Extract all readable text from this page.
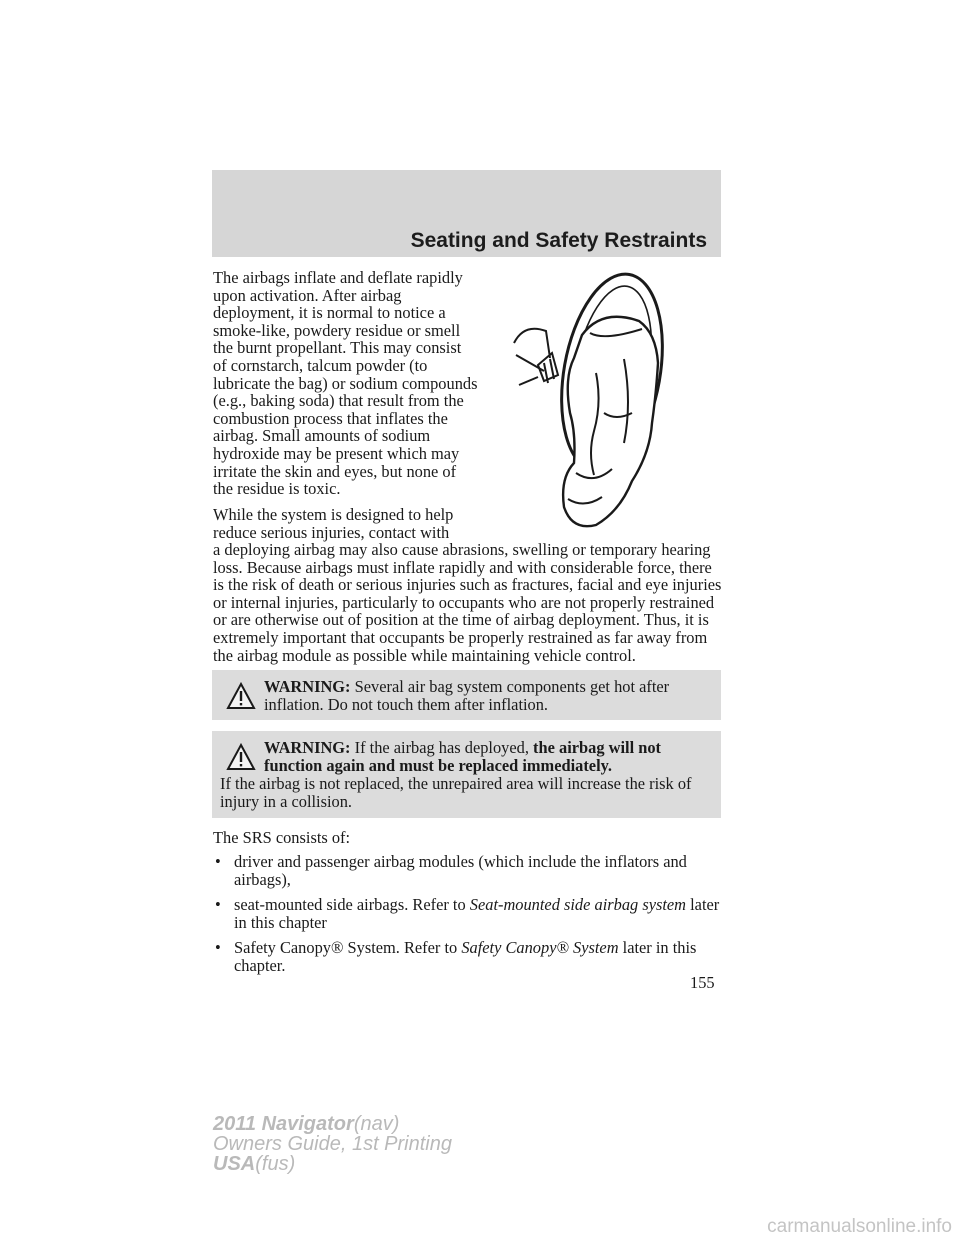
Seating and Safety Restraints

The airbags inflate and deflate rapidly upon activation. After airbag deployment, it is normal to notice a smoke-like, powdery residue or smell the burnt propellant. This may consist of cornstarch, talcum powder (to lubricate the bag) or sodium compounds (e.g., baking soda) that result from the combustion process that inflates the airbag. Small amounts of sodium hydroxide may be present which may irritate the skin and eyes, but none of the residue is toxic.

While the system is designed to help reduce serious injuries, contact with

a deploying airbag may also cause abrasions, swelling or temporary hearing loss. Because airbags must inflate rapidly and with considerable force, there is the risk of death or serious injuries such as fractures, facial and eye injuries or internal injuries, particularly to occupants who are not properly restrained or are otherwise out of position at the time of airbag deployment. Thus, it is extremely important that occupants be properly restrained as far away from the airbag module as possible while maintaining vehicle control.

WARNING: Several air bag system components get hot after inflation. Do not touch them after inflation.
WARNING: If the airbag has deployed, the airbag will not function again and must be replaced immediately.
If the airbag is not replaced, the unrepaired area will increase the risk of injury in a collision.
The SRS consists of:
• driver and passenger airbag modules (which include the inflators and airbags),
• seat-mounted side airbags. Refer to Seat-mounted side airbag system later in this chapter
• Safety Canopy® System. Refer to Safety Canopy® System later in this chapter.
155
2011 Navigator(nav)
Owners Guide, 1st Printing
USA(fus)
carmanualsonline.info
